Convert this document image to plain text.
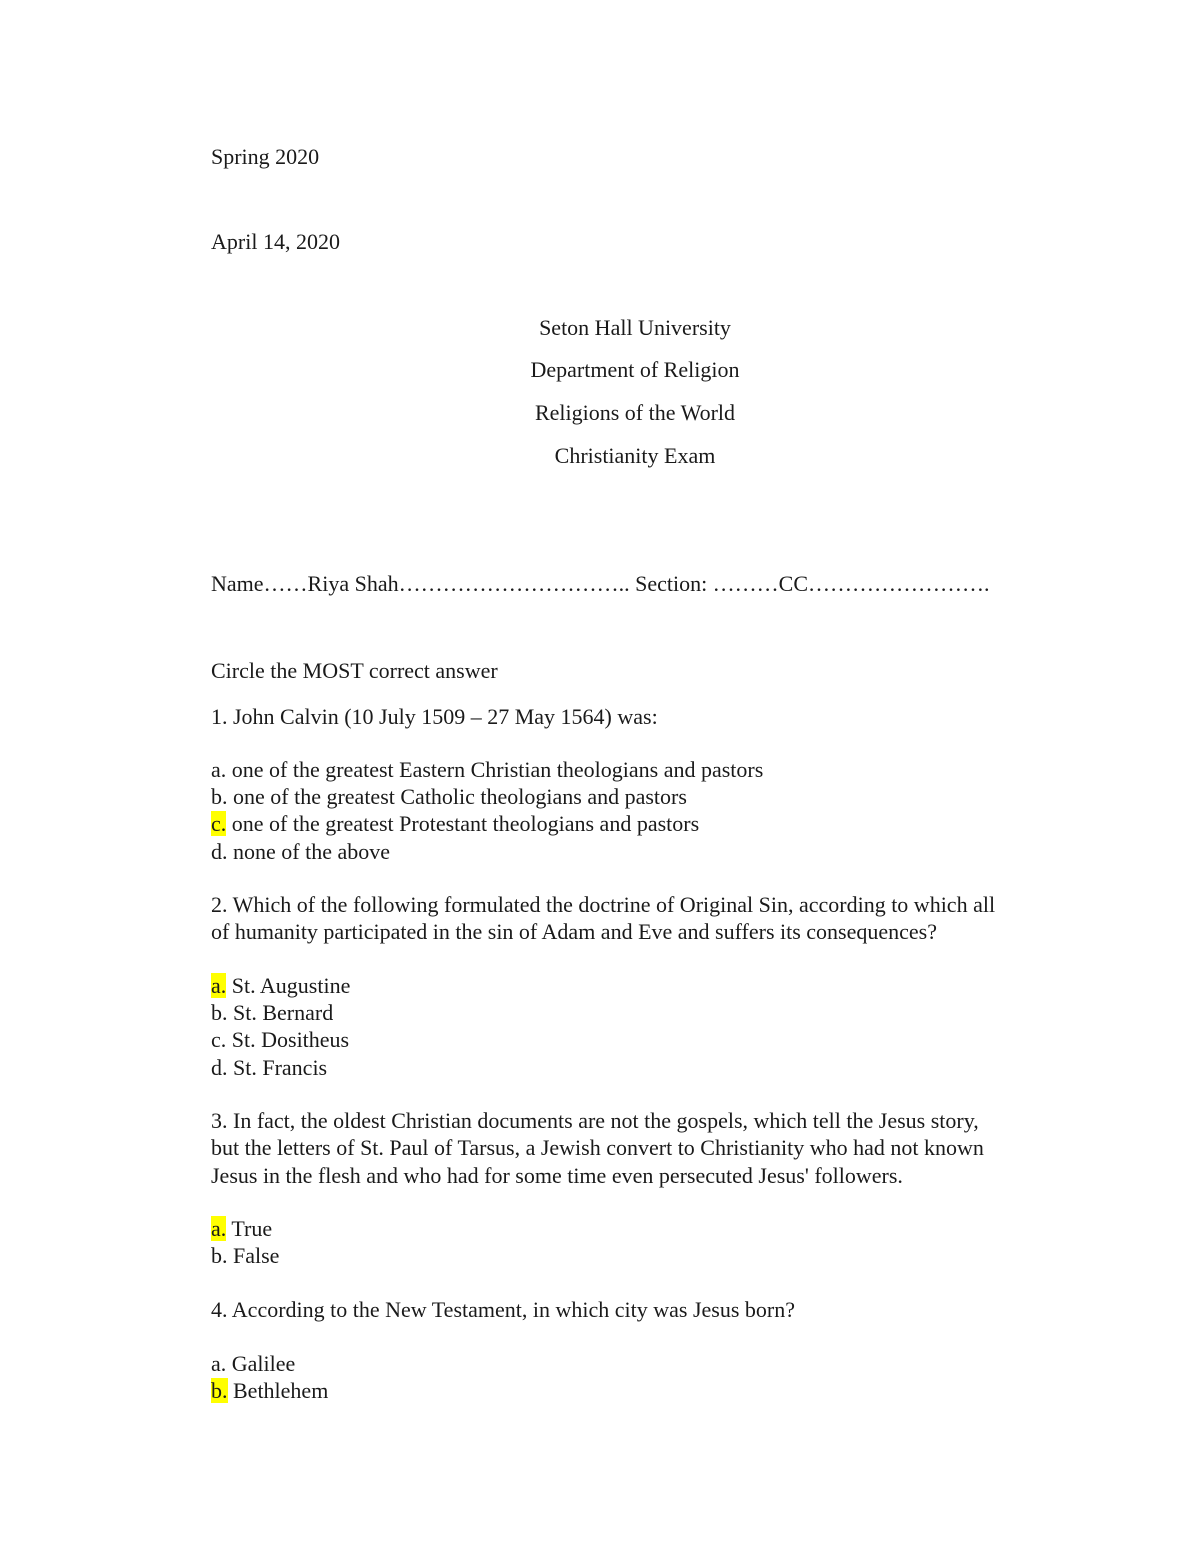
Spring 2020
April 14, 2020
Seton Hall University
Department of Religion
Religions of the World
Christianity Exam
Name……Riya Shah………………………….. Section: ………CC…………………….
Circle the MOST correct answer
1. John Calvin (10 July 1509 – 27 May 1564) was:
a. one of the greatest Eastern Christian theologians and pastors
b. one of the greatest Catholic theologians and pastors
c. one of the greatest Protestant theologians and pastors
d. none of the above
2. Which of the following formulated the doctrine of Original Sin, according to which all
of humanity participated in the sin of Adam and Eve and suffers its consequences?
a. St. Augustine
b. St. Bernard
c. St. Dositheus
d. St. Francis
3. In fact, the oldest Christian documents are not the gospels, which tell the Jesus story,
but the letters of St. Paul of Tarsus, a Jewish convert to Christianity who had not known
Jesus in the flesh and who had for some time even persecuted Jesus' followers.
a. True
b. False
4. According to the New Testament, in which city was Jesus born?
a. Galilee
b. Bethlehem
